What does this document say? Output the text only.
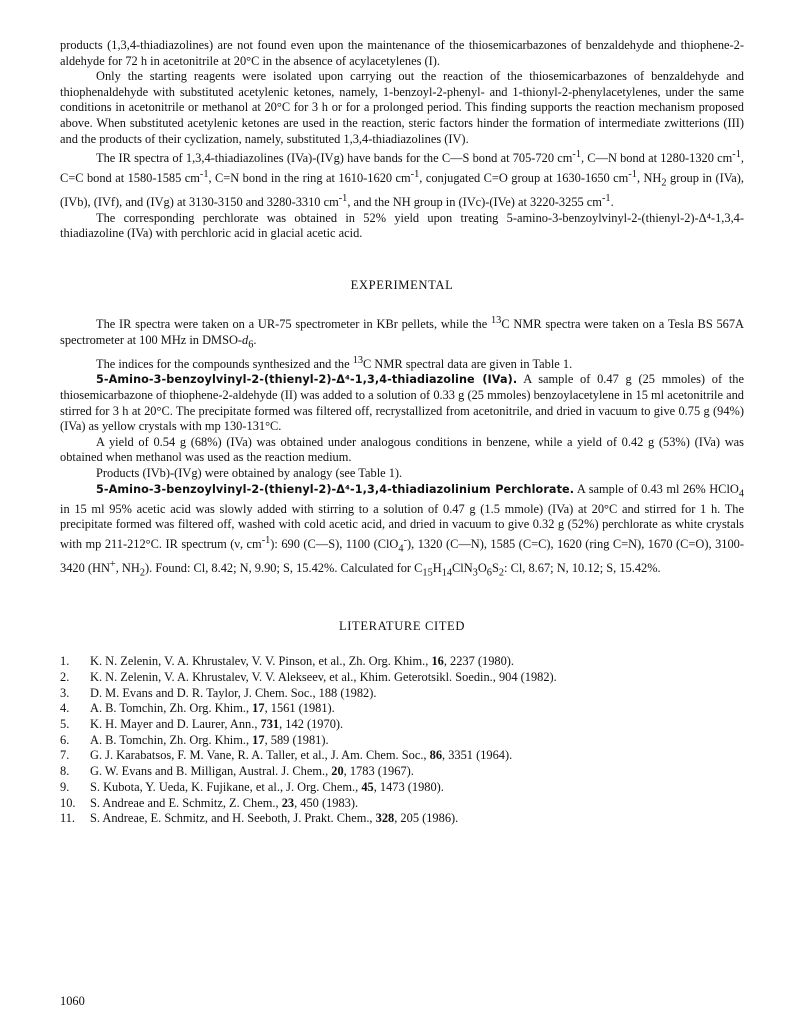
products (1,3,4-thiadiazolines) are not found even upon the maintenance of the thiosemicarbazones of benzaldehyde and thiophene-2-aldehyde for 72 h in acetonitrile at 20°C in the absence of acylacetylenes (I).

Only the starting reagents were isolated upon carrying out the reaction of the thiosemicarbazones of benzaldehyde and thiophenaldehyde with substituted acetylenic ketones, namely, 1-benzoyl-2-phenyl- and 1-thionyl-2-phenylacetylenes, under the same conditions in acetonitrile or methanol at 20°C for 3 h or for a prolonged period. This finding supports the reaction mechanism proposed above. When substituted acetylenic ketones are used in the reaction, steric factors hinder the formation of intermediate zwitterions (III) and the products of their cyclization, namely, substituted 1,3,4-thiadiazolines (IV).

The IR spectra of 1,3,4-thiadiazolines (IVa)-(IVg) have bands for the C—S bond at 705-720 $cm^{-1}$, C—N bond at 1280-1320 $cm^{-1}$, C=C bond at 1580-1585 $cm^{-1}$, C=N bond in the ring at 1610-1620 $cm^{-1}$, conjugated C=O group at 1630-1650 $cm^{-1}$, $NH_2$ group in (IVa), (IVb), (IVf), and (IVg) at 3130-3150 and 3280-3310 $cm^{-1}$, and the NH group in (IVc)-(IVe) at 3220-3255 $cm^{-1}$.

The corresponding perchlorate was obtained in 52% yield upon treating 5-amino-3-benzoylvinyl-2-(thienyl-2)-Δ⁴-1,3,4-thiadiazoline (IVa) with perchloric acid in glacial acetic acid.

EXPERIMENTAL

The IR spectra were taken on a UR-75 spectrometer in KBr pellets, while the $^{13}$C NMR spectra were taken on a Tesla BS 567A spectrometer at 100 MHz in DMSO-$d_6$.

The indices for the compounds synthesized and the $^{13}$C NMR spectral data are given in Table 1.

5-Amino-3-benzoylvinyl-2-(thienyl-2)-Δ⁴-1,3,4-thiadiazoline (IVa). A sample of 0.47 g (25 mmoles) of the thiosemicarbazone of thiophene-2-aldehyde (II) was added to a solution of 0.33 g (25 mmoles) benzoylacetylene in 15 ml acetonitrile and stirred for 3 h at 20°C. The precipitate formed was filtered off, recrystallized from acetonitrile, and dried in vacuum to give 0.75 g (94%) (IVa) as yellow crystals with mp 130-131°C.

A yield of 0.54 g (68%) (IVa) was obtained under analogous conditions in benzene, while a yield of 0.42 g (53%) (IVa) was obtained when methanol was used as the reaction medium.

Products (IVb)-(IVg) were obtained by analogy (see Table 1).

5-Amino-3-benzoylvinyl-2-(thienyl-2)-Δ⁴-1,3,4-thiadiazolinium Perchlorate. A sample of 0.43 ml 26% HClO$_4$ in 15 ml 95% acetic acid was slowly added with stirring to a solution of 0.47 g (1.5 mmole) (IVa) at 20°C and stirred for 1 h. The precipitate formed was filtered off, washed with cold acetic acid, and dried in vacuum to give 0.32 g (52%) perchlorate as white crystals with mp 211-212°C. IR spectrum (ν, $cm^{-1}$): 690 (C—S), 1100 (ClO$_4$-), 1320 (C—N), 1585 (C=C), 1620 (ring C=N), 1670 (C=O), 3100-3420 (HN+, $NH_2$). Found: Cl, 8.42; N, 9.90; S, 15.42%. Calculated for $C_{15}H_{14}ClN_3O_6S_2$: Cl, 8.67; N, 10.12; S, 15.42%.

LITERATURE CITED
1.	K. N. Zelenin, V. A. Khrustalev, V. V. Pinson, et al., Zh. Org. Khim., 16, 2237 (1980).
2.	K. N. Zelenin, V. A. Khrustalev, V. V. Alekseev, et al., Khim. Geterotsikl. Soedin., 904 (1982).
3.	D. M. Evans and D. R. Taylor, J. Chem. Soc., 188 (1982).
4.	A. B. Tomchin, Zh. Org. Khim., 17, 1561 (1981).
5.	K. H. Mayer and D. Laurer, Ann., 731, 142 (1970).
6.	A. B. Tomchin, Zh. Org. Khim., 17, 589 (1981).
7.	G. J. Karabatsos, F. M. Vane, R. A. Taller, et al., J. Am. Chem. Soc., 86, 3351 (1964).
8.	G. W. Evans and B. Milligan, Austral. J. Chem., 20, 1783 (1967).
9.	S. Kubota, Y. Ueda, K. Fujikane, et al., J. Org. Chem., 45, 1473 (1980).
10.	S. Andreae and E. Schmitz, Z. Chem., 23, 450 (1983).
11.	S. Andreae, E. Schmitz, and H. Seeboth, J. Prakt. Chem., 328, 205 (1986).
1060
